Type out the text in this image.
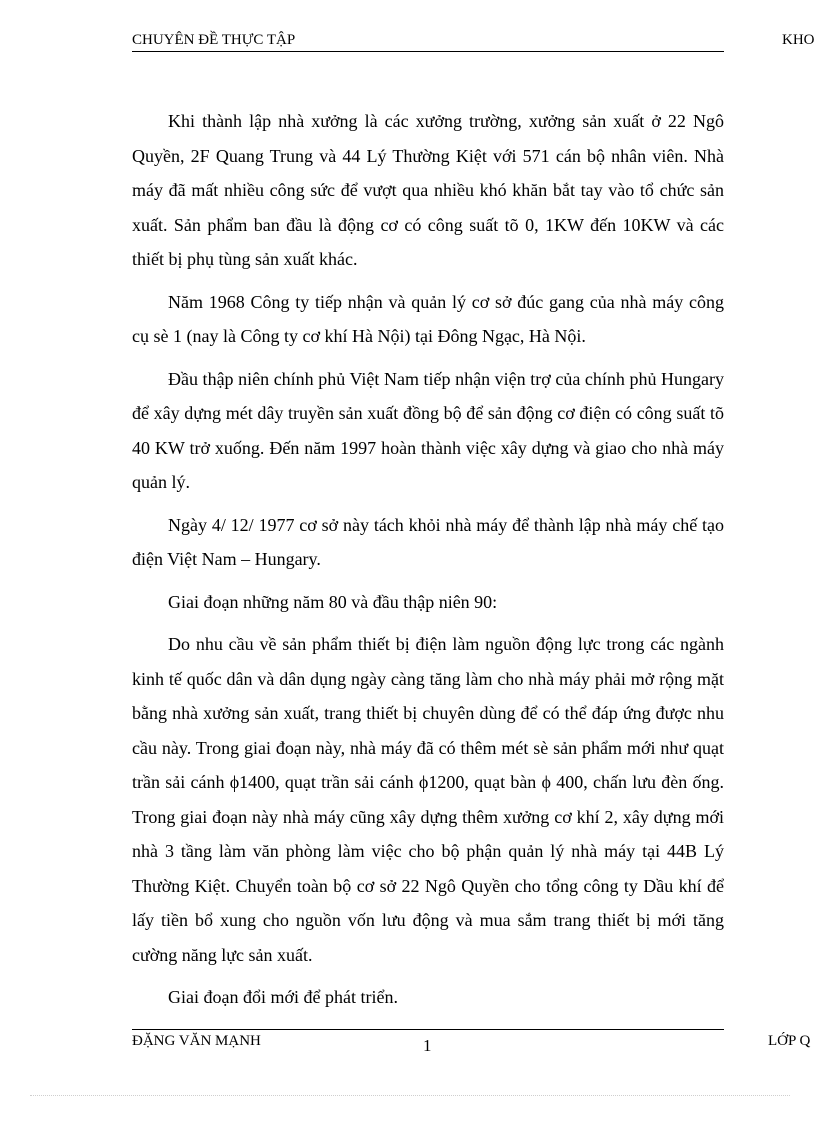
CHUYÊN ĐỀ THỰC TẬP	KHO

Khi thành lập nhà xưởng là các xưởng trường, xưởng sản xuất ở 22 Ngô Quyền, 2F Quang Trung và 44 Lý Thường Kiệt với 571 cán bộ nhân viên. Nhà máy đã mất nhiều công sức để vượt qua nhiều khó khăn bắt tay vào tổ chức sản xuất. Sản phẩm ban đầu là động cơ có công suất tõ 0, 1KW đến 10KW và các thiết bị phụ tùng sản xuất khác.

Năm 1968 Công ty tiếp nhận và quản lý cơ sở đúc gang của nhà máy công cụ sè 1 (nay là Công ty cơ khí Hà Nội) tại Đông Ngạc, Hà Nội.

Đầu thập niên chính phủ Việt Nam tiếp nhận viện trợ của chính phủ Hungary để xây dựng mét dây truyền sản xuất đồng bộ để sản động cơ điện có công suất tõ 40 KW trở xuống. Đến năm 1997 hoàn thành việc xây dựng và giao cho nhà máy quản lý.

Ngày 4/ 12/ 1977 cơ sở này tách khỏi nhà máy để thành lập nhà máy chế tạo điện Việt Nam – Hungary.

Giai đoạn những năm 80 và đầu thập niên 90:

Do nhu cầu về sản phẩm thiết bị điện làm nguồn động lực trong các ngành kinh tế quốc dân và dân dụng ngày càng tăng làm cho nhà máy phải mở rộng mặt bằng nhà xưởng sản xuất, trang thiết bị chuyên dùng để có thể đáp ứng được nhu cầu này. Trong giai đoạn này, nhà máy đã có thêm mét sè sản phẩm mới như quạt trần sải cánh ϕ1400, quạt trần sải cánh ϕ1200, quạt bàn ϕ 400, chấn lưu đèn ống. Trong giai đoạn này nhà máy cũng xây dựng thêm xưởng cơ khí 2, xây dựng mới nhà 3 tầng làm văn phòng làm việc cho bộ phận quản lý nhà máy tại 44B Lý Thường Kiệt. Chuyển toàn bộ cơ sở 22 Ngô Quyền cho tổng công ty Dầu khí để lấy tiền bổ xung cho nguồn vốn lưu động và mua sắm trang thiết bị mới tăng cường năng lực sản xuất.

Giai đoạn đổi mới để phát triển.

ĐẶNG VĂN MẠNH	1	LỚP Q
